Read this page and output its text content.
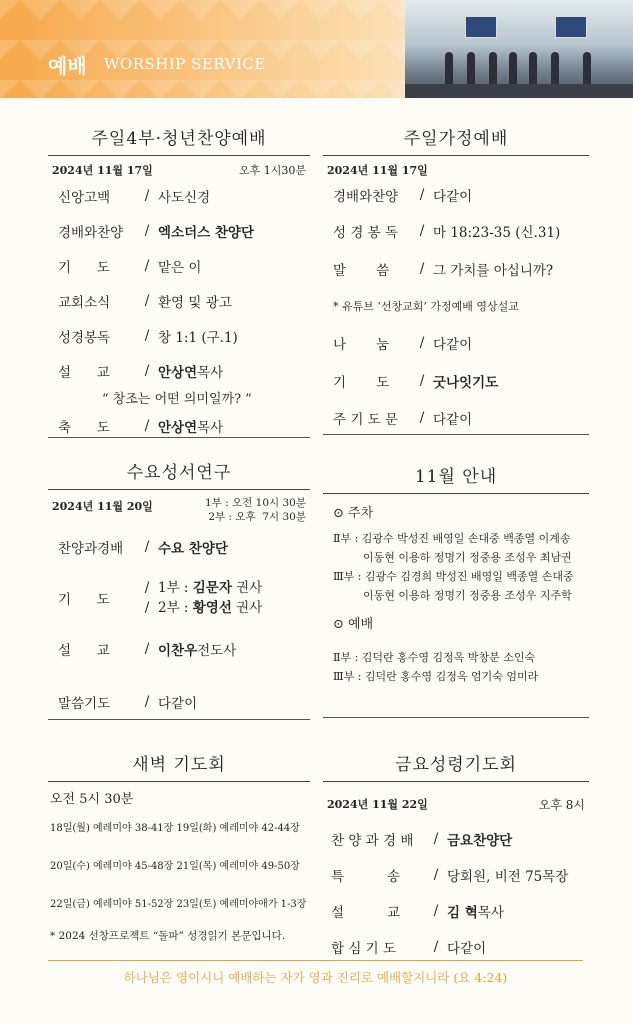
예배 WORSHIP SERVICE
주일4부·청년찬양예배
2024년 11월 17일	오후 1시30분
신앙고백	/ 사도신경
경배와찬양	/ 엑소더스 찬양단
기      도	/ 맡은 이
교회소식	/ 환영 및 광고
성경봉독	/ 창 1:1 (구.1)
설      교	/ 안상연 목사
“ 창조는 어떤 의미일까? ”
축      도	/ 안상연 목사
주일가정예배
2024년 11월 17일
경배와찬양	/ 다같이
성 경 봉 독	/ 마 18:23-35 (신.31)
말       씀	/ 그 가치를 아십니까?
* 유튜브 ‘선창교회’ 가정예배 영상설교
나       눔	/ 다같이
기       도	/ 굿나잇기도
주 기 도 문	/ 다같이
수요성서연구
2024년 11월 20일	1부 : 오전 10시 30분
2부 : 오후  7시 30분
찬양과경배	/ 수요 찬양단
기      도
/ 1부 : 김문자 권사
/ 2부 : 황영선 권사
설      교	/ 이찬우 전도사
말씀기도	/ 다같이
11월 안내
⊙ 주차
Ⅱ부 : 김광수 박성진 배영일 손대중 백종열 이계송
이동현 이용하 정명기 정중용 조성우 최남권
Ⅲ부 : 김광수 김경희 박성진 배영일 백종열 손대중
이동현 이용하 정명기 정중용 조성우 지주학
⊙ 예배
Ⅱ부 : 김덕란 홍수영 김정옥 박창분 소인숙
Ⅲ부 : 김덕란 홍수영 김정옥 엄기숙 엄미라
새벽 기도회
오전 5시 30분
18일(월) 예레미야 38-41장 19일(화) 예레미야 42-44장
20일(수) 예레미야 45-48장 21일(목) 예레미야 49-50장
22일(금) 예레미야 51-52장 23일(토) 예레미야애가 1-3장
* 2024 선창프로젝트 “돌파” 성경읽기 본문입니다.
금요성령기도회
2024년 11월 22일	오후 8시
찬 양 과 경 배	/ 금요찬양단
특          송	/ 당회원, 비전 75목장
설          교	/ 김 혁 목사
합 심 기 도	/ 다같이
하나님은 영이시니 예배하는 자가 영과 진리로 예배할지니라 (요 4:24)
